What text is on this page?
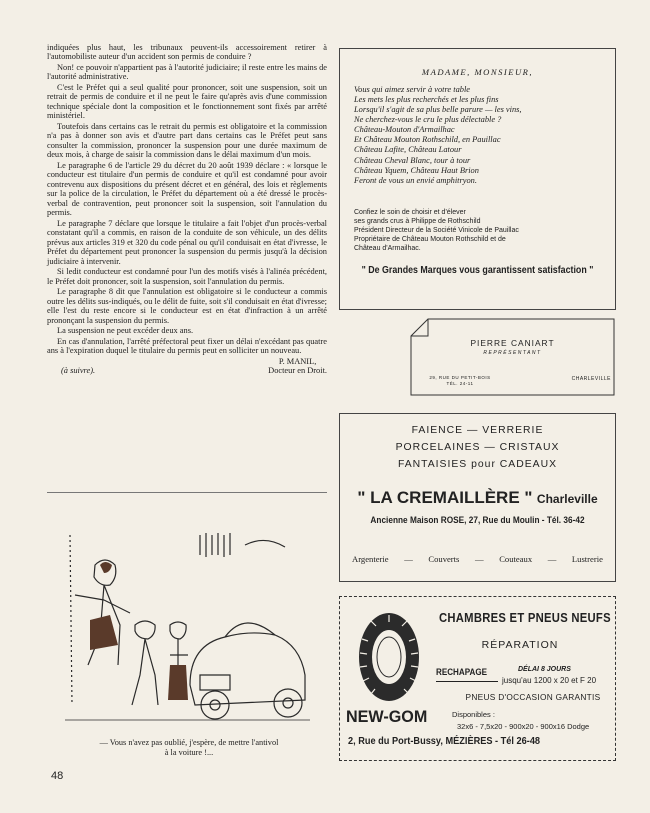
indiquées plus haut, les tribunaux peuvent-ils accessoirement retirer à l'automobiliste auteur d'un accident son permis de conduire ?

Non! ce pouvoir n'appartient pas à l'autorité judiciaire; il reste entre les mains de l'autorité administrative.

C'est le Préfet qui a seul qualité pour prononcer, soit une suspension, soit un retrait de permis de conduire et il ne peut le faire qu'après avis d'une commission technique spéciale dont la composition et le fonctionnement sont fixés par arrêté ministériel.

Toutefois dans certains cas le retrait du permis est obligatoire et la commission n'a pas à donner son avis et d'autre part dans certains cas le Préfet peut sans consulter la commission, prononcer la suspension pour une durée maximum de deux mois, à charge de saisir la commission dans le délai maximum d'un mois.

Le paragraphe 6 de l'article 29 du décret du 20 août 1939 déclare : « lorsque le conducteur est titulaire d'un permis de conduire et qu'il est condamné pour avoir contrevenu aux dispositions du présent décret et en général, des lois et règlements sur la police de la circulation, le Préfet du département où a été dressé le procès-verbal de contravention, peut prononcer soit la suspension, soit l'annulation du permis.

Le paragraphe 7 déclare que lorsque le titulaire a fait l'objet d'un procès-verbal constatant qu'il a commis, en raison de la conduite de son véhicule, un des délits prévus aux articles 319 et 320 du code pénal ou qu'il conduisait en état d'ivresse, le Préfet du département peut prononcer la suspension du permis jusqu'à la décision judiciaire à intervenir.

Si ledit conducteur est condamné pour l'un des motifs visés à l'alinéa précédent, le Préfet doit prononcer, soit la suspension, soit l'annulation du permis.

Le paragraphe 8 dit que l'annulation est obligatoire si le conducteur a commis outre les délits sus-indiqués, ou le délit de fuite, soit s'il conduisait en état d'ivresse; elle l'est du reste encore si le conducteur est en état d'infraction à un arrêté prononçant la suspension du permis.

La suspension ne peut excéder deux ans.

En cas d'annulation, l'arrêté préfectoral peut fixer un délai n'excédant pas quatre ans à l'expiration duquel le titulaire du permis peut en solliciter un nouveau.

(à suivre).
P. MANIL,
Docteur en Droit.
— Vous n'avez pas oublié, j'espère, de mettre l'antivol
à la voiture !...
48
MADAME, MONSIEUR,
Vous qui aimez servir à votre table
Les mets les plus recherchés et les plus fins
Lorsqu'il s'agit de sa plus belle parure — les vins,
Ne cherchez-vous le cru le plus délectable ?
Château-Mouton d'Armailhac
Et Château Mouton Rothschild, en Pauillac
Château Lafite, Château Latour
Château Cheval Blanc, tour à tour
Château Yquem, Château Haut Brion
Feront de vous un envié amphitryon.
Confiez le soin de choisir et d'élever
ses grands crus à Philippe de Rothschild
Président Directeur de la Société Vinicole de Pauillac
Propriétaire de Château Mouton Rothschild et de
Château d'Armailhac.
" De Grandes Marques vous garantissent satisfaction "
PIERRE CANIART
REPRÉSENTANT
29, RUE DU PETIT-BOIS
TÉL. 24-11
CHARLEVILLE
FAIENCE — VERRERIE
PORCELAINES — CRISTAUX
FANTAISIES pour CADEAUX
" LA CREMAILLÈRE " Charleville
Ancienne Maison ROSE, 27, Rue du Moulin - Tél. 36-42
Argenterie — Couverts — Couteaux — Lustrerie
CHAMBRES ET PNEUS NEUFS
RÉPARATION
RECHAPAGE	DÉLAI 8 JOURS
jusqu'au 1200 x 20 et F 20
PNEUS D'OCCASION GARANTIS
NEW-GOM	Disponibles :
32x6 - 7,5x20 - 900x20 - 900x16 Dodge
2, Rue du Port-Bussy, MÉZIÈRES - Tél 26-48
